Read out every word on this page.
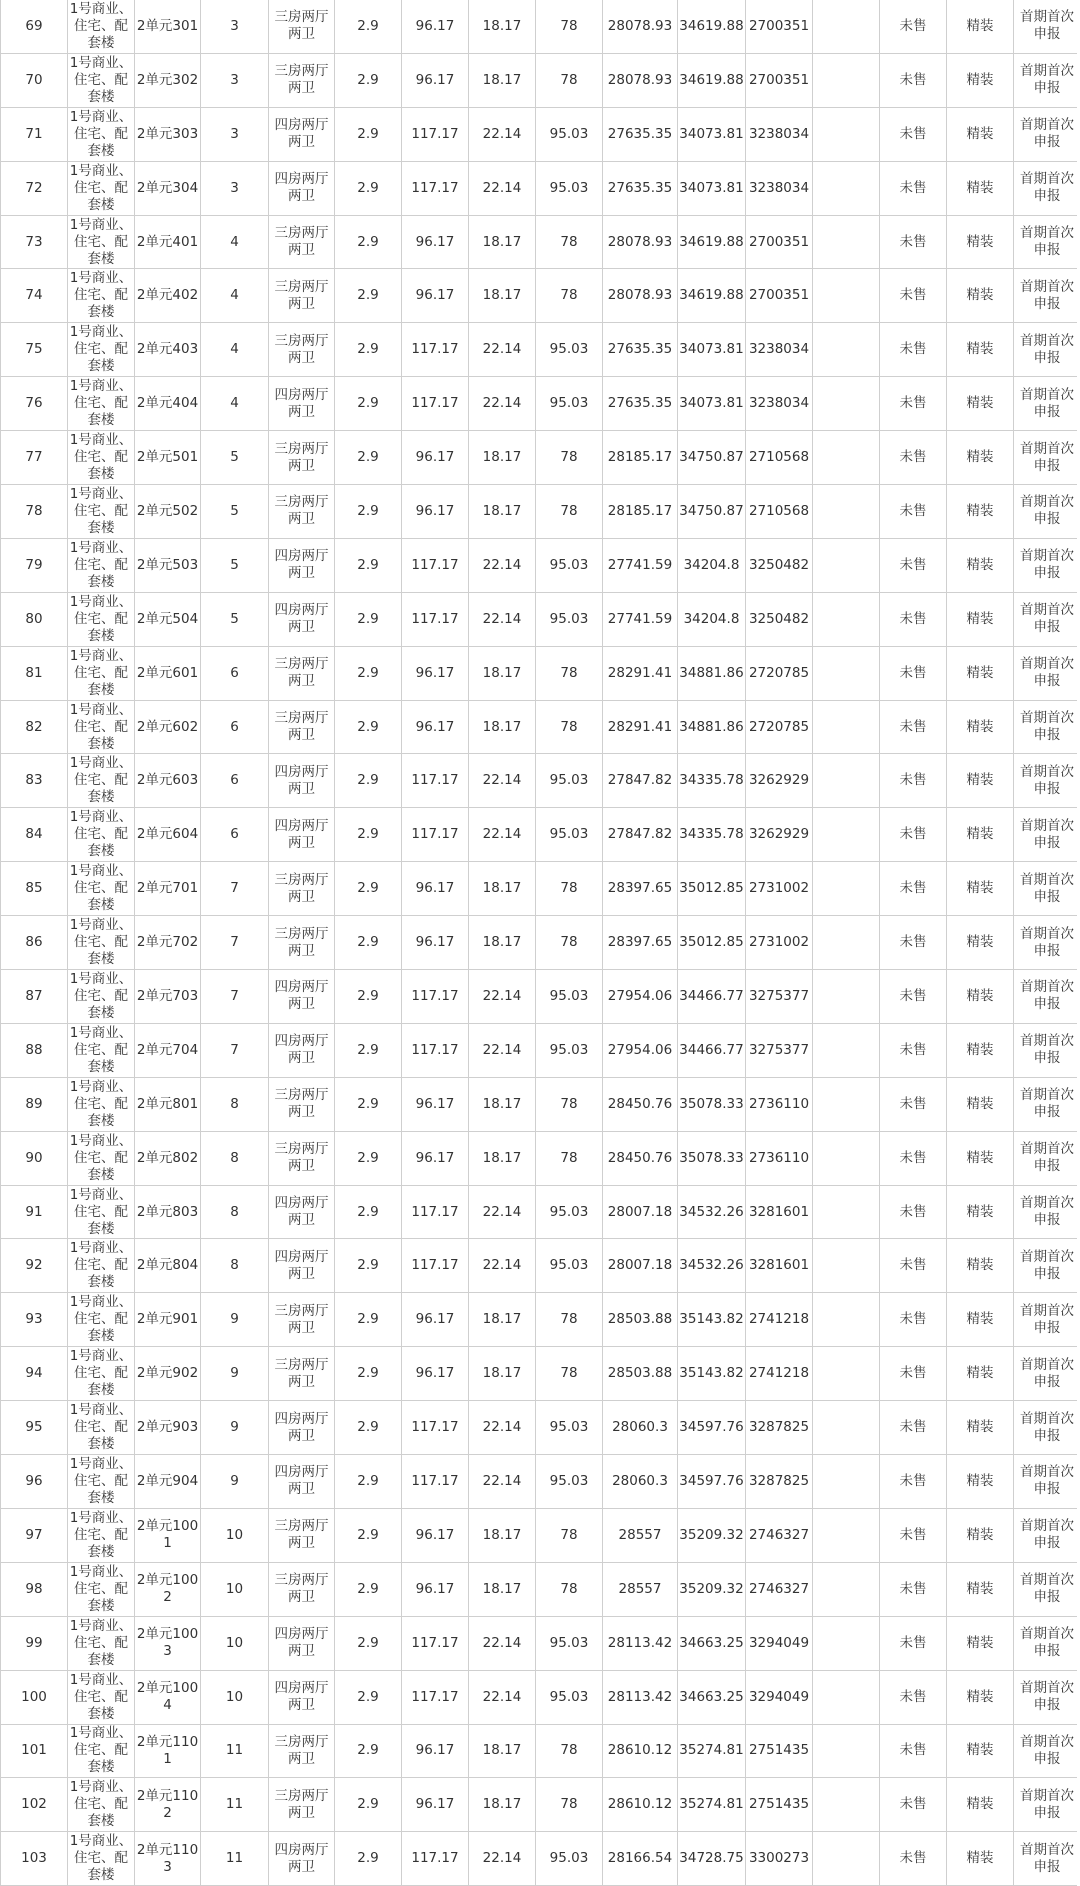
69	1号商业、住宅、配套楼	2单元301	3	三房两厅两卫	2.9	96.17	18.17	78	28078.93	34619.88	2700351		未售	精装	首期首次申报
70	1号商业、住宅、配套楼	2单元302	3	三房两厅两卫	2.9	96.17	18.17	78	28078.93	34619.88	2700351		未售	精装	首期首次申报
71	1号商业、住宅、配套楼	2单元303	3	四房两厅两卫	2.9	117.17	22.14	95.03	27635.35	34073.81	3238034		未售	精装	首期首次申报
72	1号商业、住宅、配套楼	2单元304	3	四房两厅两卫	2.9	117.17	22.14	95.03	27635.35	34073.81	3238034		未售	精装	首期首次申报
73	1号商业、住宅、配套楼	2单元401	4	三房两厅两卫	2.9	96.17	18.17	78	28078.93	34619.88	2700351		未售	精装	首期首次申报
74	1号商业、住宅、配套楼	2单元402	4	三房两厅两卫	2.9	96.17	18.17	78	28078.93	34619.88	2700351		未售	精装	首期首次申报
75	1号商业、住宅、配套楼	2单元403	4	三房两厅两卫	2.9	117.17	22.14	95.03	27635.35	34073.81	3238034		未售	精装	首期首次申报
76	1号商业、住宅、配套楼	2单元404	4	四房两厅两卫	2.9	117.17	22.14	95.03	27635.35	34073.81	3238034		未售	精装	首期首次申报
77	1号商业、住宅、配套楼	2单元501	5	三房两厅两卫	2.9	96.17	18.17	78	28185.17	34750.87	2710568		未售	精装	首期首次申报
78	1号商业、住宅、配套楼	2单元502	5	三房两厅两卫	2.9	96.17	18.17	78	28185.17	34750.87	2710568		未售	精装	首期首次申报
79	1号商业、住宅、配套楼	2单元503	5	四房两厅两卫	2.9	117.17	22.14	95.03	27741.59	34204.8	3250482		未售	精装	首期首次申报
80	1号商业、住宅、配套楼	2单元504	5	四房两厅两卫	2.9	117.17	22.14	95.03	27741.59	34204.8	3250482		未售	精装	首期首次申报
81	1号商业、住宅、配套楼	2单元601	6	三房两厅两卫	2.9	96.17	18.17	78	28291.41	34881.86	2720785		未售	精装	首期首次申报
82	1号商业、住宅、配套楼	2单元602	6	三房两厅两卫	2.9	96.17	18.17	78	28291.41	34881.86	2720785		未售	精装	首期首次申报
83	1号商业、住宅、配套楼	2单元603	6	四房两厅两卫	2.9	117.17	22.14	95.03	27847.82	34335.78	3262929		未售	精装	首期首次申报
84	1号商业、住宅、配套楼	2单元604	6	四房两厅两卫	2.9	117.17	22.14	95.03	27847.82	34335.78	3262929		未售	精装	首期首次申报
85	1号商业、住宅、配套楼	2单元701	7	三房两厅两卫	2.9	96.17	18.17	78	28397.65	35012.85	2731002		未售	精装	首期首次申报
86	1号商业、住宅、配套楼	2单元702	7	三房两厅两卫	2.9	96.17	18.17	78	28397.65	35012.85	2731002		未售	精装	首期首次申报
87	1号商业、住宅、配套楼	2单元703	7	四房两厅两卫	2.9	117.17	22.14	95.03	27954.06	34466.77	3275377		未售	精装	首期首次申报
88	1号商业、住宅、配套楼	2单元704	7	四房两厅两卫	2.9	117.17	22.14	95.03	27954.06	34466.77	3275377		未售	精装	首期首次申报
89	1号商业、住宅、配套楼	2单元801	8	三房两厅两卫	2.9	96.17	18.17	78	28450.76	35078.33	2736110		未售	精装	首期首次申报
90	1号商业、住宅、配套楼	2单元802	8	三房两厅两卫	2.9	96.17	18.17	78	28450.76	35078.33	2736110		未售	精装	首期首次申报
91	1号商业、住宅、配套楼	2单元803	8	四房两厅两卫	2.9	117.17	22.14	95.03	28007.18	34532.26	3281601		未售	精装	首期首次申报
92	1号商业、住宅、配套楼	2单元804	8	四房两厅两卫	2.9	117.17	22.14	95.03	28007.18	34532.26	3281601		未售	精装	首期首次申报
93	1号商业、住宅、配套楼	2单元901	9	三房两厅两卫	2.9	96.17	18.17	78	28503.88	35143.82	2741218		未售	精装	首期首次申报
94	1号商业、住宅、配套楼	2单元902	9	三房两厅两卫	2.9	96.17	18.17	78	28503.88	35143.82	2741218		未售	精装	首期首次申报
95	1号商业、住宅、配套楼	2单元903	9	四房两厅两卫	2.9	117.17	22.14	95.03	28060.3	34597.76	3287825		未售	精装	首期首次申报
96	1号商业、住宅、配套楼	2单元904	9	四房两厅两卫	2.9	117.17	22.14	95.03	28060.3	34597.76	3287825		未售	精装	首期首次申报
97	1号商业、住宅、配套楼	2单元1001	10	三房两厅两卫	2.9	96.17	18.17	78	28557	35209.32	2746327		未售	精装	首期首次申报
98	1号商业、住宅、配套楼	2单元1002	10	三房两厅两卫	2.9	96.17	18.17	78	28557	35209.32	2746327		未售	精装	首期首次申报
99	1号商业、住宅、配套楼	2单元1003	10	四房两厅两卫	2.9	117.17	22.14	95.03	28113.42	34663.25	3294049		未售	精装	首期首次申报
100	1号商业、住宅、配套楼	2单元1004	10	四房两厅两卫	2.9	117.17	22.14	95.03	28113.42	34663.25	3294049		未售	精装	首期首次申报
101	1号商业、住宅、配套楼	2单元1101	11	三房两厅两卫	2.9	96.17	18.17	78	28610.12	35274.81	2751435		未售	精装	首期首次申报
102	1号商业、住宅、配套楼	2单元1102	11	三房两厅两卫	2.9	96.17	18.17	78	28610.12	35274.81	2751435		未售	精装	首期首次申报
103	1号商业、住宅、配套楼	2单元1103	11	四房两厅两卫	2.9	117.17	22.14	95.03	28166.54	34728.75	3300273		未售	精装	首期首次申报
